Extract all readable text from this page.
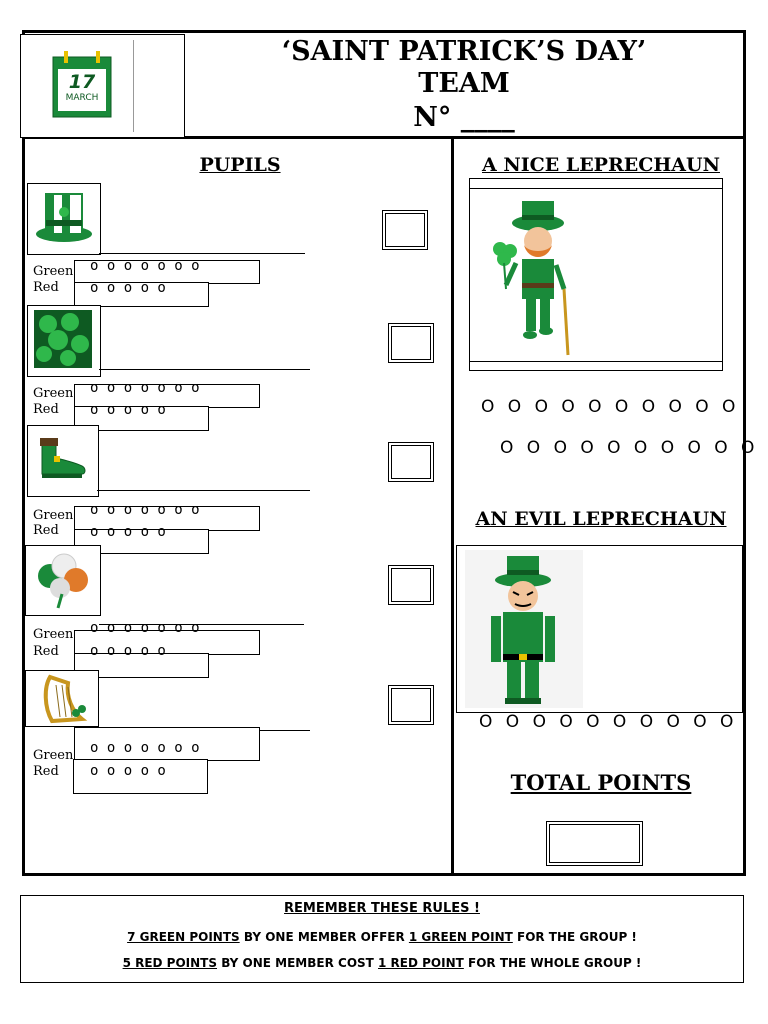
17
MARCH
‘SAINT PATRICK’S DAY’
TEAM
N° ____
PUPILS
Green
Red
o o o o o o o
o o o o o
Green
Red
o o o o o o o
o o o o o
Green
Red
o o o o o o o
o o o o o
Green
Red
o o o o o o o
o o o o o
Green
Red
o o o o o o o
o o o o o
A NICE LEPRECHAUN
O O O O O O O O O O
O O O O O O O O O O
AN EVIL LEPRECHAUN
O O O O O O O O O O
TOTAL POINTS

REMEMBER THESE RULES !

7 GREEN POINTS BY ONE MEMBER OFFER 1 GREEN POINT FOR THE GROUP !

5 RED POINTS BY ONE MEMBER COST 1 RED POINT FOR THE WHOLE GROUP !
